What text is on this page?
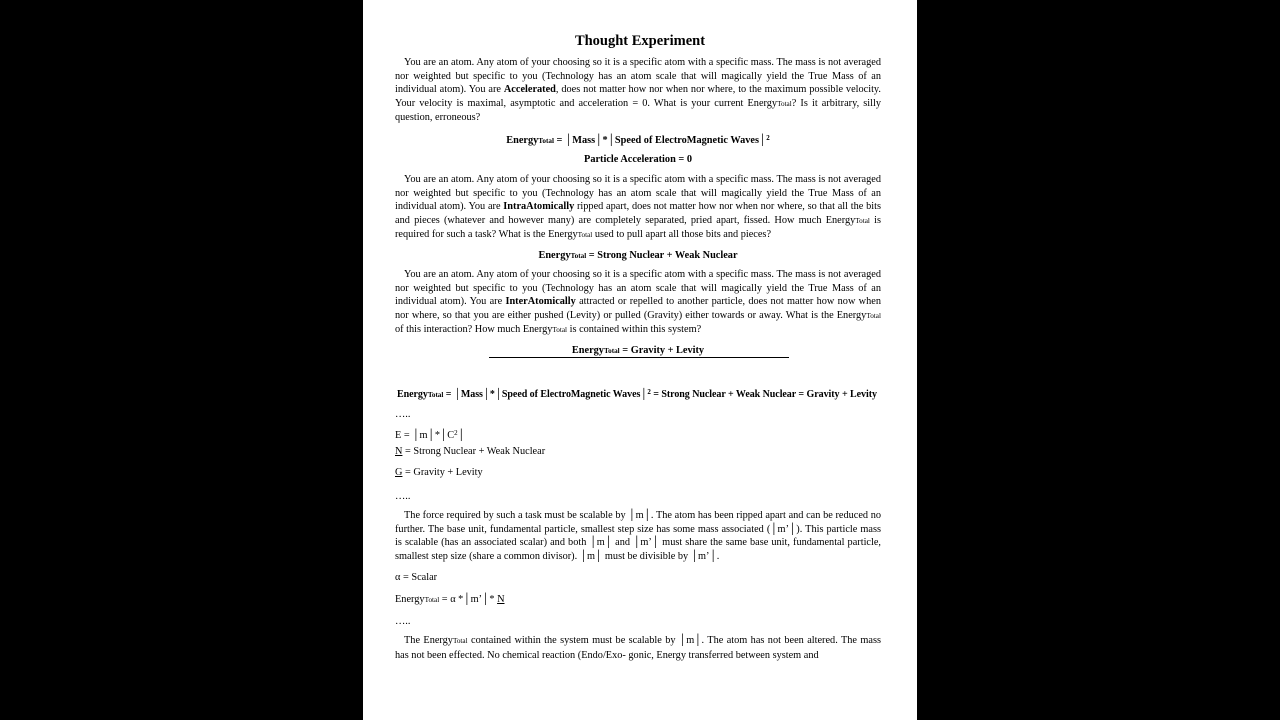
Thought Experiment

You are an atom. Any atom of your choosing so it is a specific atom with a specific mass. The mass is not averaged nor weighted but specific to you (Technology has an atom scale that will magically yield the True Mass of an individual atom). You are Accelerated, does not matter how nor when nor where, to the maximum possible velocity. Your velocity is maximal, asymptotic and acceleration = 0. What is your current EnergyTotal? Is it arbitrary, silly question, erroneous?

EnergyTotal = │Mass│*│Speed of ElectroMagnetic Waves│$^2$
Particle Acceleration = 0

You are an atom. Any atom of your choosing so it is a specific atom with a specific mass. The mass is not averaged nor weighted but specific to you (Technology has an atom scale that will magically yield the True Mass of an individual atom). You are IntraAtomically ripped apart, does not matter how nor when nor where, so that all the bits and pieces (whatever and however many) are completely separated, pried apart, fissed. How much EnergyTotal is required for such a task? What is the EnergyTotal used to pull apart all those bits and pieces?

EnergyTotal = Strong Nuclear + Weak Nuclear

You are an atom. Any atom of your choosing so it is a specific atom with a specific mass. The mass is not averaged nor weighted but specific to you (Technology has an atom scale that will magically yield the True Mass of an individual atom). You are InterAtomically attracted or repelled to another particle, does not matter how now when nor where, so that you are either pushed (Levity) or pulled (Gravity) either towards or away. What is the EnergyTotal of this interaction? How much EnergyTotal is contained within this system?

EnergyTotal = Gravity + Levity
EnergyTotal = │Mass│*│Speed of ElectroMagnetic Waves│$^2$ = Strong Nuclear + Weak Nuclear = Gravity + Levity
…..
$E = │m│*│C^2│$
N = Strong Nuclear + Weak Nuclear
G = Gravity + Levity
…..

The force required by such a task must be scalable by │m│. The atom has been ripped apart and can be reduced no further. The base unit, fundamental particle, smallest step size has some mass associated (│m’│). This particle mass is scalable (has an associated scalar) and both │m│ and │m’│ must share the same base unit, fundamental particle, smallest step size (share a common divisor). │m│ must be divisible by │m’│.

α = Scalar
EnergyTotal = α *│m’│* N
…..

The EnergyTotal contained within the system must be scalable by │m│. The atom has not been altered. The mass has not been effected. No chemical reaction (Endo/Exo- gonic, Energy transferred between system and
